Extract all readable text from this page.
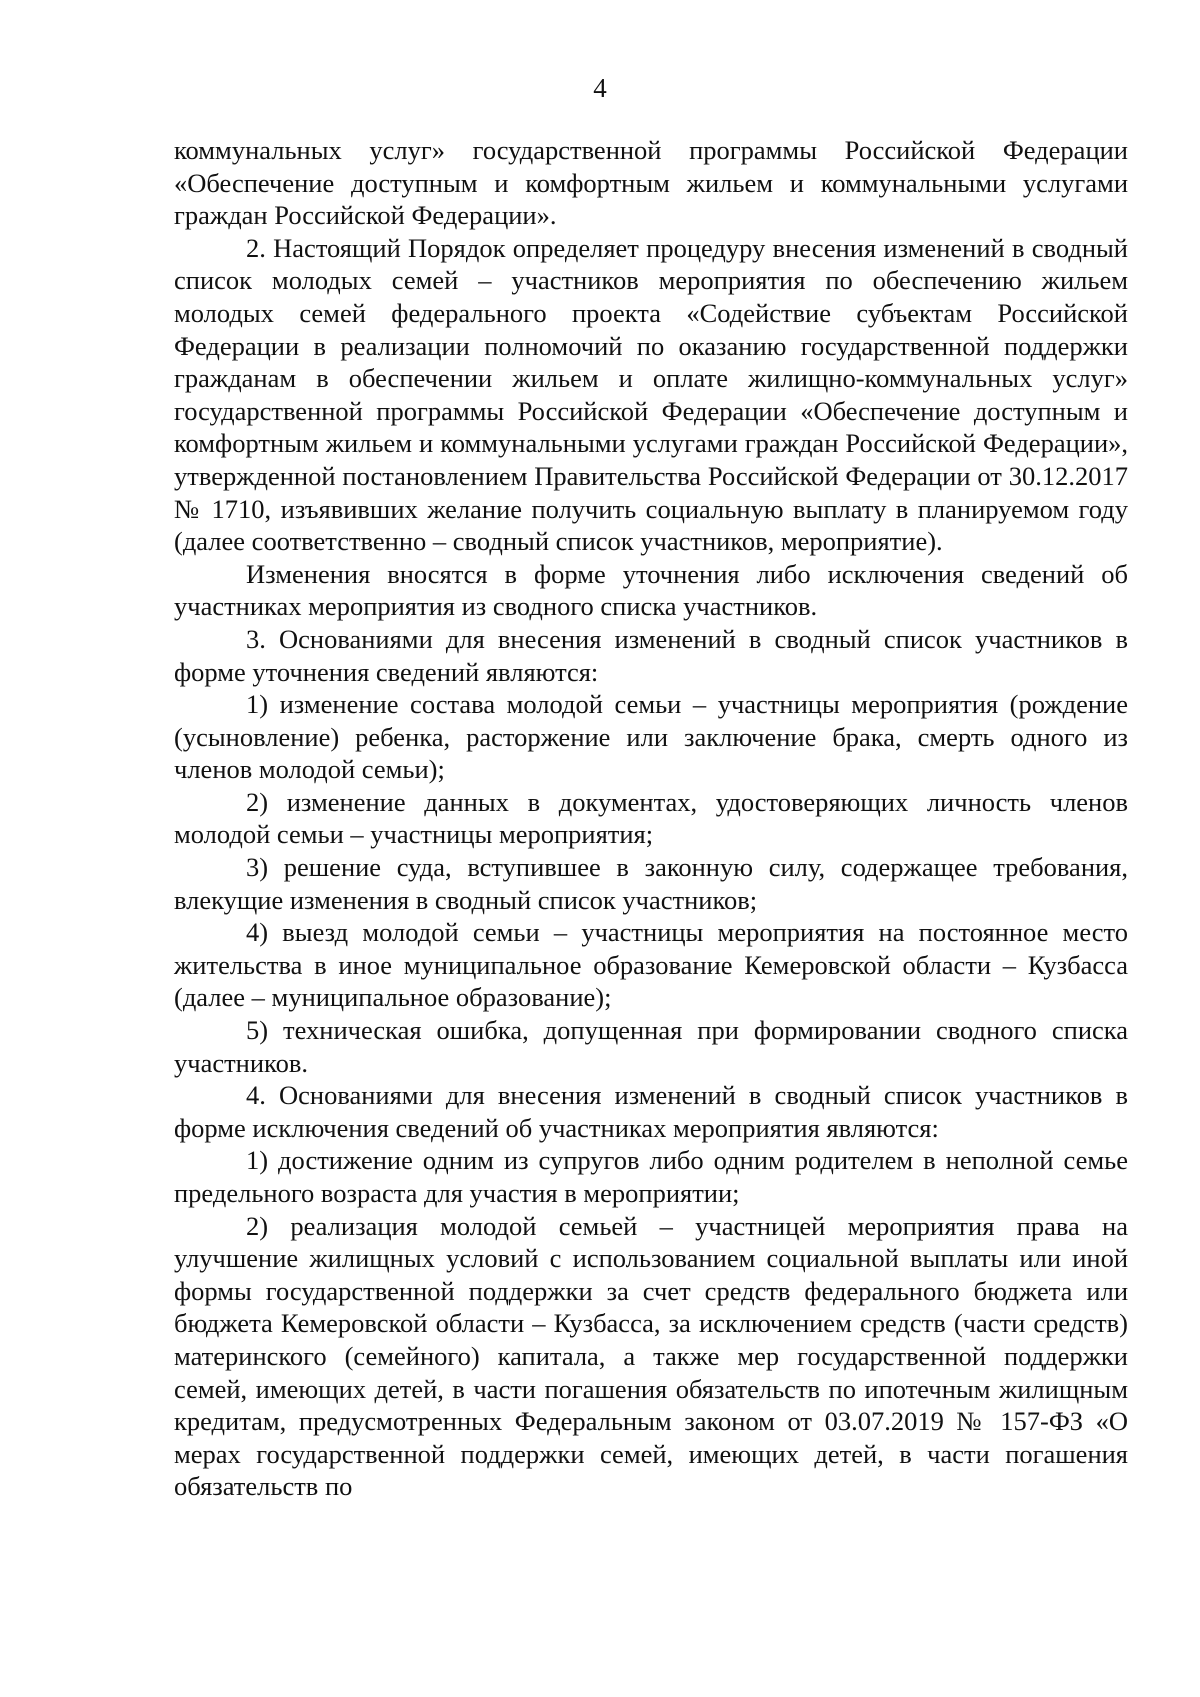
4

коммунальных услуг» государственной программы Российской Федерации «Обеспечение доступным и комфортным жильем и коммунальными услугами граждан Российской Федерации».

2. Настоящий Порядок определяет процедуру внесения изменений в сводный список молодых семей – участников мероприятия по обеспечению жильем молодых семей федерального проекта «Содействие субъектам Российской Федерации в реализации полномочий по оказанию государственной поддержки гражданам в обеспечении жильем и оплате жилищно-коммунальных услуг» государственной программы Российской Федерации «Обеспечение доступным и комфортным жильем и коммунальными услугами граждан Российской Федерации», утвержденной постановлением Правительства Российской Федерации от 30.12.2017 № 1710, изъявивших желание получить социальную выплату в планируемом году (далее соответственно – сводный список участников, мероприятие).

Изменения вносятся в форме уточнения либо исключения сведений об участниках мероприятия из сводного списка участников.

3. Основаниями для внесения изменений в сводный список участников в форме уточнения сведений являются:

1) изменение состава молодой семьи – участницы мероприятия (рождение (усыновление) ребенка, расторжение или заключение брака, смерть одного из членов молодой семьи);

2) изменение данных в документах, удостоверяющих личность членов молодой семьи – участницы мероприятия;

3) решение суда, вступившее в законную силу, содержащее требования, влекущие изменения в сводный список участников;

4) выезд молодой семьи – участницы мероприятия на постоянное место жительства в иное муниципальное образование Кемеровской области – Кузбасса (далее – муниципальное образование);

5) техническая ошибка, допущенная при формировании сводного списка участников.

4. Основаниями для внесения изменений в сводный список участников в форме исключения сведений об участниках мероприятия являются:

1) достижение одним из супругов либо одним родителем в неполной семье предельного возраста для участия в мероприятии;

2) реализация молодой семьей – участницей мероприятия права на улучшение жилищных условий с использованием социальной выплаты или иной формы государственной поддержки за счет средств федерального бюджета или бюджета Кемеровской области – Кузбасса, за исключением средств (части средств) материнского (семейного) капитала, а также мер государственной поддержки семей, имеющих детей, в части погашения обязательств по ипотечным жилищным кредитам, предусмотренных Федеральным законом от 03.07.2019 № 157-ФЗ «О мерах государственной поддержки семей, имеющих детей, в части погашения обязательств по
